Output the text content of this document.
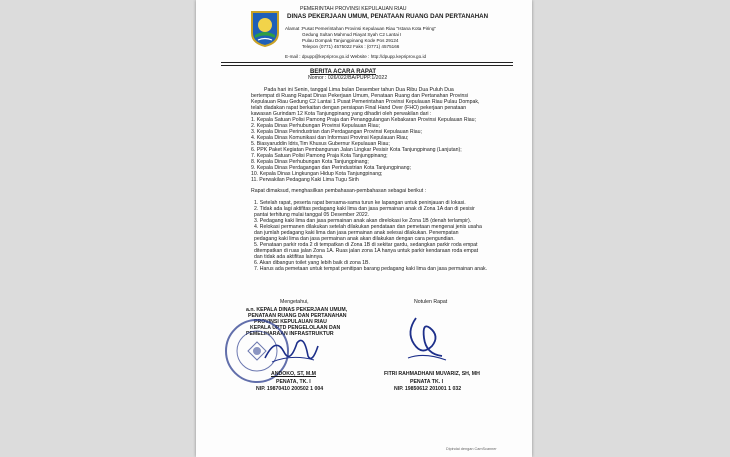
PEMERINTAH PROVINSI KEPULAUAN RIAU
DINAS PEKERJAAN UMUM, PENATAAN RUANG DAN PERTANAHAN
Alamat : Pusat Pemerintahan Provinsi Kepulauan Riau "Istana Kota Piring"
Gedung Sultan Mahmud Riayat Syah C2 Lantai I
Pulau Dompak Tanjungpinang Kode Pos 29124
Telepon (0771) 4575022 Faks : (0771) 4575166
E-mail : dpupp@kepriprov.go.id Website : http://dpupp.kepriprov.go.id
BERITA ACARA RAPAT
Nomor : 026/022/BA/PUPP.1/2022
Pada hari ini Senin, tanggal Lima bulan Desember tahun Dua Ribu Dua Puluh Dua
bertempat di Ruang Rapat Dinas Pekerjaan Umum, Penataan Ruang dan Pertanahan Provinsi
Kepulauan Riau Gedung C2 Lantai 1 Pusat Pemerintahan Provinsi Kepulauan Riau Pulau Dompak,
telah diadakan rapat berkaitan dengan persiapan Final Hand Over (FHO) pekerjaan penataan
kawasan Gurindam 12 Kota Tanjungpinang yang dihadiri oleh perwakilan dari :
1. Kepala Satuan Polisi Pamong Praja dan Penanggulangan Kebakaran Provinsi Kepulauan Riau;
2. Kepala Dinas Perhubungan Provinsi Kepulauan Riau;
3. Kepala Dinas Perindustrian dan Perdagangan Provinsi Kepulauan Riau;
4. Kepala Dinas Komunikasi dan Informasi Provinsi Kepulauan Riau;
5. Biasyaruddin Idris,Tim Khusus Gubernur Kepulauan Riau;
6. PPK Paket Kegiatan Pembangunan Jalan Lingkar Pesisir Kota Tanjungpinang (Lanjutan);
7. Kepala Satuan Polisi Pamong Praja Kota Tanjungpinang;
8. Kepala Dinas Perhubungan Kota Tanjungpinang;
9. Kepala Dinas Perdagangan dan Perindustrian Kota Tanjungpinang;
10. Kepala Dinas Lingkungan Hidup Kota Tanjungpinang;
11. Perwakilan Pedagang Kaki Lima Tugu Sirih
Rapat dimaksud, menghasilkan pembahasan-pembahasan sebagai berikut :
1. Setelah rapat, peserta rapat bersama-sama turun ke lapangan untuk peninjauan di lokasi.
2. Tidak ada lagi aktifitas pedagang kaki lima dan jasa permainan anak di Zona 1A dan di pesisir
pantai terhitung mulai tanggal 05 Desember 2022.
3. Pedagang kaki lima dan jasa permainan anak akan direlokasi ke Zona 1B (denah terlampir).
4. Relokasi permanen dilakukan setelah dilakukan pendataan dan pemetaan mengenai jenis usaha
dan jumlah pedagang kaki lima dan jasa permainan anak selesai dilakukan. Penempatan
pedagang kaki lima dan jasa permainan anak akan dilakukan dengan cara pengundian.
5. Penataan parkir roda 2 di tempatkan di Zona 1B di sekitar gardu, sedangkan parkir roda empat
ditempatkan di ruas jalan Zona 1A. Ruas jalan zona 1A hanya untuk parkir kendaraan roda empat
dan tidak ada aktifitas lainnya.
6. Akan dibangun toilet yang lebih baik di zona 1B.
7. Harus ada pemetaan untuk tempat penitipan barang pedagang kaki lima dan jasa permainan anak.
Mengetahui,
a.n. KEPALA DINAS PEKERJAAN UMUM,
PENATAAN RUANG DAN PERTANAHAN
PROVINSI KEPULAUAN RIAU
KEPALA UPTD PENGELOLAAN DAN
PEMELIHARAAN INFRASTRUKTUR
ANDOKO, ST, M.M
PENATA, TK. I
NIP. 19870410 200502 1 004
Notulen Rapat
FITRI RAHMADHANI MUVARIZ, SH, MH
PENATA TK. I
NIP. 19850612 201001 1 032
Dipindai dengan CamScanner
